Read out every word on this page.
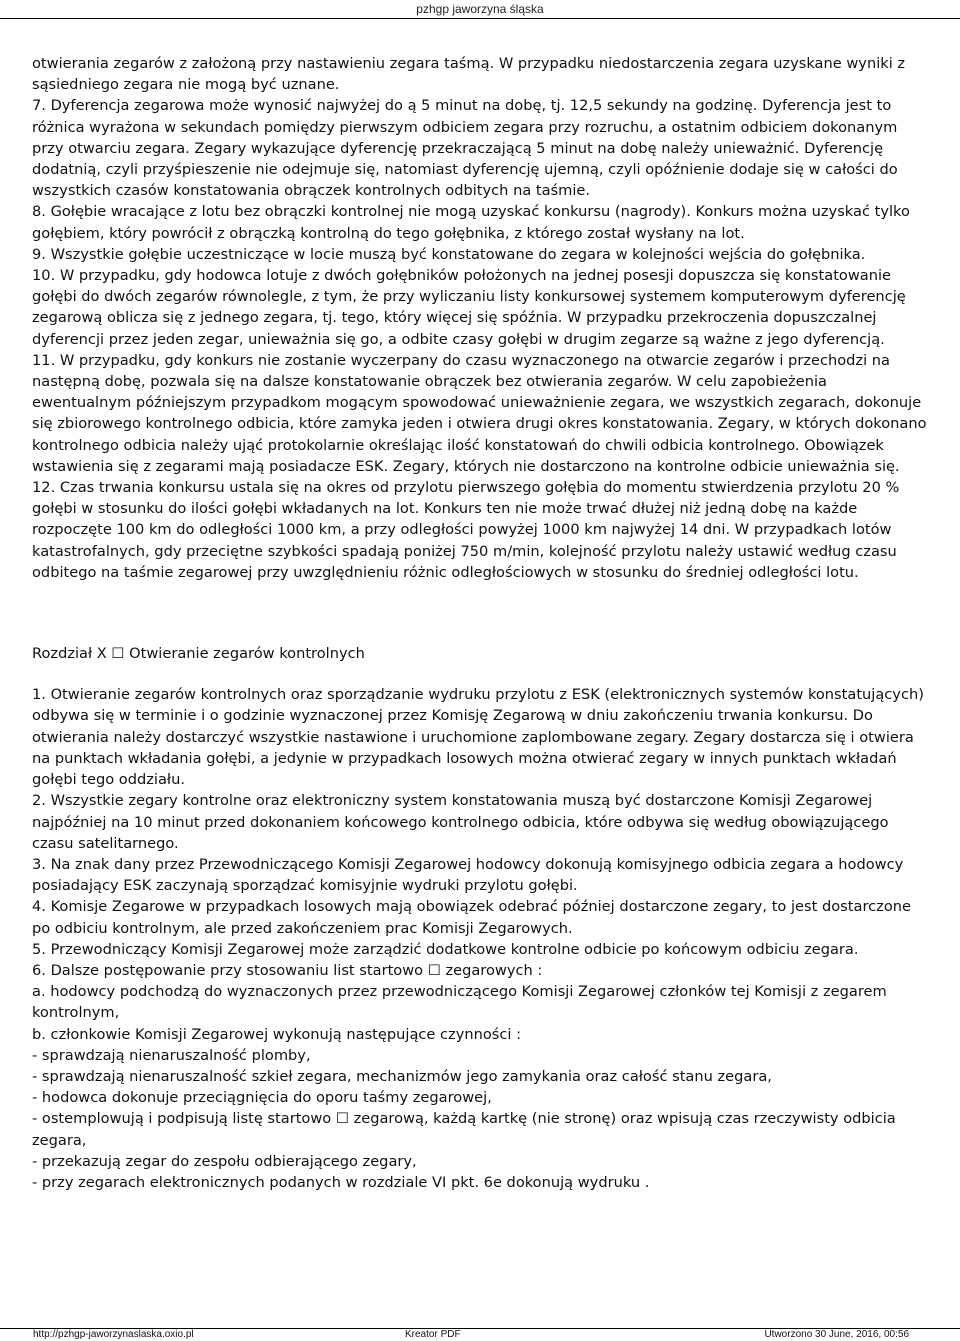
pzhgp jaworzyna śląska

otwierania zegarów z założoną przy nastawieniu zegara taśmą. W przypadku niedostarczenia zegara uzyskane wyniki z sąsiedniego zegara nie mogą być uznane.

7. Dyferencja zegarowa może wynosić najwyżej do ą 5 minut na dobę, tj. 12,5 sekundy na godzinę. Dyferencja jest to różnica wyrażona w sekundach pomiędzy pierwszym odbiciem zegara przy rozruchu, a ostatnim odbiciem dokonanym przy otwarciu zegara. Zegary wykazujące dyferencję przekraczającą 5 minut na dobę należy unieważnić. Dyferencję dodatnią, czyli przyśpieszenie nie odejmuje się, natomiast dyferencję ujemną, czyli opóźnienie dodaje się w całości do wszystkich czasów konstatowania obrączek kontrolnych odbitych na taśmie.

8. Gołębie wracające z lotu bez obrączki kontrolnej nie mogą uzyskać konkursu (nagrody). Konkurs można uzyskać tylko gołębiem, który powrócił z obrączką kontrolną do tego gołębnika, z którego został wysłany na lot.

9. Wszystkie gołębie uczestniczące w locie muszą być konstatowane do zegara w kolejności wejścia do gołębnika.

10. W przypadku, gdy hodowca lotuje z dwóch gołębników położonych na jednej posesji dopuszcza się konstatowanie gołębi do dwóch zegarów równolegle, z tym, że przy wyliczaniu listy konkursowej systemem komputerowym dyferencję zegarową oblicza się z jednego zegara, tj. tego, który więcej się spóźnia. W przypadku przekroczenia dopuszczalnej dyferencji przez jeden zegar, unieważnia się go, a odbite czasy gołębi w drugim zegarze są ważne z jego dyferencją.

11. W przypadku, gdy konkurs nie zostanie wyczerpany do czasu wyznaczonego na otwarcie zegarów i przechodzi na następną dobę, pozwala się na dalsze konstatowanie obrączek bez otwierania zegarów. W celu zapobieżenia ewentualnym późniejszym przypadkom mogącym spowodować unieważnienie zegara, we wszystkich zegarach, dokonuje się zbiorowego kontrolnego odbicia, które zamyka jeden i otwiera drugi okres konstatowania. Zegary, w których dokonano kontrolnego odbicia należy ująć protokolarnie określając ilość konstatowań do chwili odbicia kontrolnego. Obowiązek wstawienia się z zegarami mają posiadacze ESK. Zegary, których nie dostarczono na kontrolne odbicie unieważnia się.

12. Czas trwania konkursu ustala się na okres od przylotu pierwszego gołębia do momentu stwierdzenia przylotu 20 % gołębi w stosunku do ilości gołębi wkładanych na lot. Konkurs ten nie może trwać dłużej niż jedną dobę na każde rozpoczęte 100 km do odległości 1000 km, a przy odległości powyżej 1000 km najwyżej 14 dni. W przypadkach lotów katastrofalnych, gdy przeciętne szybkości spadają poniżej 750 m/min, kolejność przylotu należy ustawić według czasu odbitego na taśmie zegarowej przy uwzględnieniu różnic odległościowych w stosunku do średniej odległości lotu.

Rozdział X ☐ Otwieranie zegarów kontrolnych

1. Otwieranie zegarów kontrolnych oraz sporządzanie wydruku przylotu z ESK (elektronicznych systemów konstatujących) odbywa się w terminie i o godzinie wyznaczonej przez Komisję Zegarową w dniu zakończeniu trwania konkursu. Do otwierania należy dostarczyć wszystkie nastawione i uruchomione zaplombowane zegary. Zegary dostarcza się i otwiera na punktach wkładania gołębi, a jedynie w przypadkach losowych można otwierać zegary w innych punktach wkładań gołębi tego oddziału.

2. Wszystkie zegary kontrolne oraz elektroniczny system konstatowania muszą być dostarczone Komisji Zegarowej najpóźniej na 10 minut przed dokonaniem końcowego kontrolnego odbicia, które odbywa się według obowiązującego czasu satelitarnego.

3. Na znak dany przez Przewodniczącego Komisji Zegarowej hodowcy dokonują komisyjnego odbicia zegara a hodowcy posiadający ESK zaczynają sporządzać komisyjnie wydruki przylotu gołębi.

4. Komisje Zegarowe w przypadkach losowych mają obowiązek odebrać później dostarczone zegary, to jest dostarczone po odbiciu kontrolnym, ale przed zakończeniem prac Komisji Zegarowych.

5. Przewodniczący Komisji Zegarowej może zarządzić dodatkowe kontrolne odbicie po końcowym odbiciu zegara.

6. Dalsze postępowanie przy stosowaniu list startowo ☐ zegarowych :

a. hodowcy podchodzą do wyznaczonych przez przewodniczącego Komisji Zegarowej członków tej Komisji z zegarem kontrolnym,

b. członkowie Komisji Zegarowej wykonują następujące czynności :

- sprawdzają nienaruszalność plomby,

- sprawdzają nienaruszalność szkieł zegara, mechanizmów jego zamykania oraz całość stanu zegara,

- hodowca dokonuje przeciągnięcia do oporu taśmy zegarowej,

- ostemplowują i podpisują listę startowo ☐ zegarową, każdą kartkę (nie stronę) oraz wpisują czas rzeczywisty odbicia zegara,

- przekazują zegar do zespołu odbierającego zegary,

- przy zegarach elektronicznych podanych w rozdziale VI pkt. 6e dokonują wydruku .

http://pzhgp-jaworzynaslaska.oxio.pl	Kreator PDF	Utworzono 30 June, 2016, 00:56
